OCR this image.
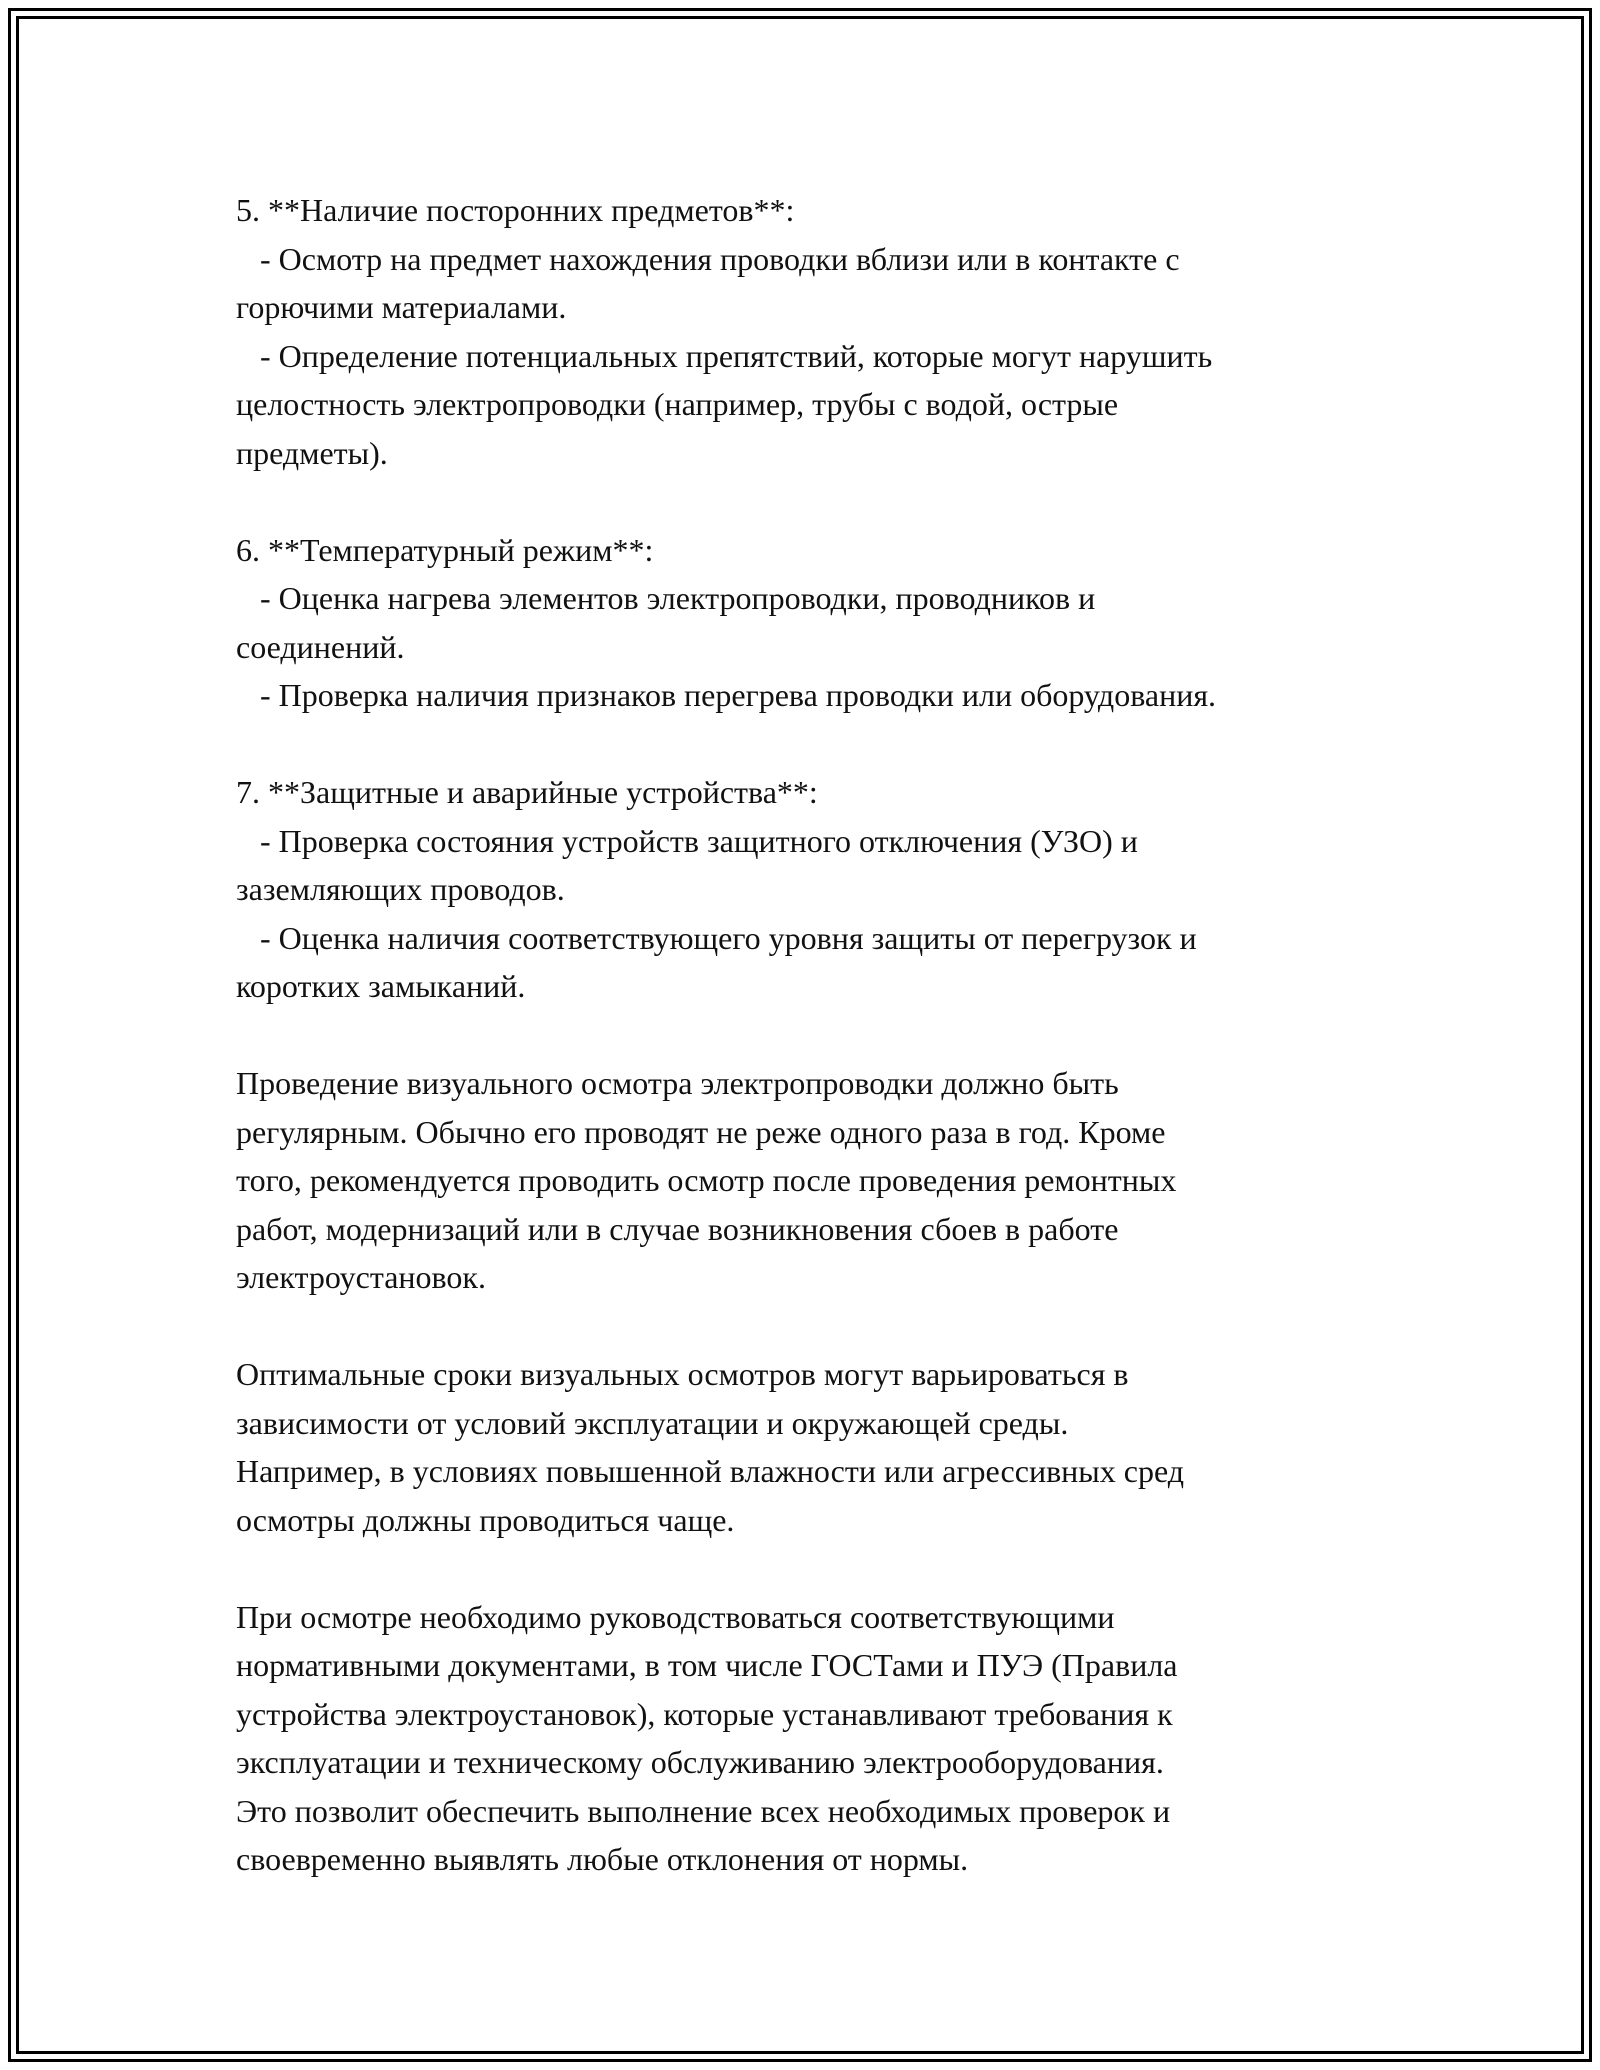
5. **Наличие посторонних предметов**:
- Осмотр на предмет нахождения проводки вблизи или в контакте с
горючими материалами.
- Определение потенциальных препятствий, которые могут нарушить
целостность электропроводки (например, трубы с водой, острые
предметы).
6. **Температурный режим**:
- Оценка нагрева элементов электропроводки, проводников и
соединений.
- Проверка наличия признаков перегрева проводки или оборудования.
7. **Защитные и аварийные устройства**:
- Проверка состояния устройств защитного отключения (УЗО) и
заземляющих проводов.
- Оценка наличия соответствующего уровня защиты от перегрузок и
коротких замыканий.
Проведение визуального осмотра электропроводки должно быть
регулярным. Обычно его проводят не реже одного раза в год. Кроме
того, рекомендуется проводить осмотр после проведения ремонтных
работ, модернизаций или в случае возникновения сбоев в работе
электроустановок.
Оптимальные сроки визуальных осмотров могут варьироваться в
зависимости от условий эксплуатации и окружающей среды.
Например, в условиях повышенной влажности или агрессивных сред
осмотры должны проводиться чаще.
При осмотре необходимо руководствоваться соответствующими
нормативными документами, в том числе ГОСТами и ПУЭ (Правила
устройства электроустановок), которые устанавливают требования к
эксплуатации и техническому обслуживанию электрооборудования.
Это позволит обеспечить выполнение всех необходимых проверок и
своевременно выявлять любые отклонения от нормы.
